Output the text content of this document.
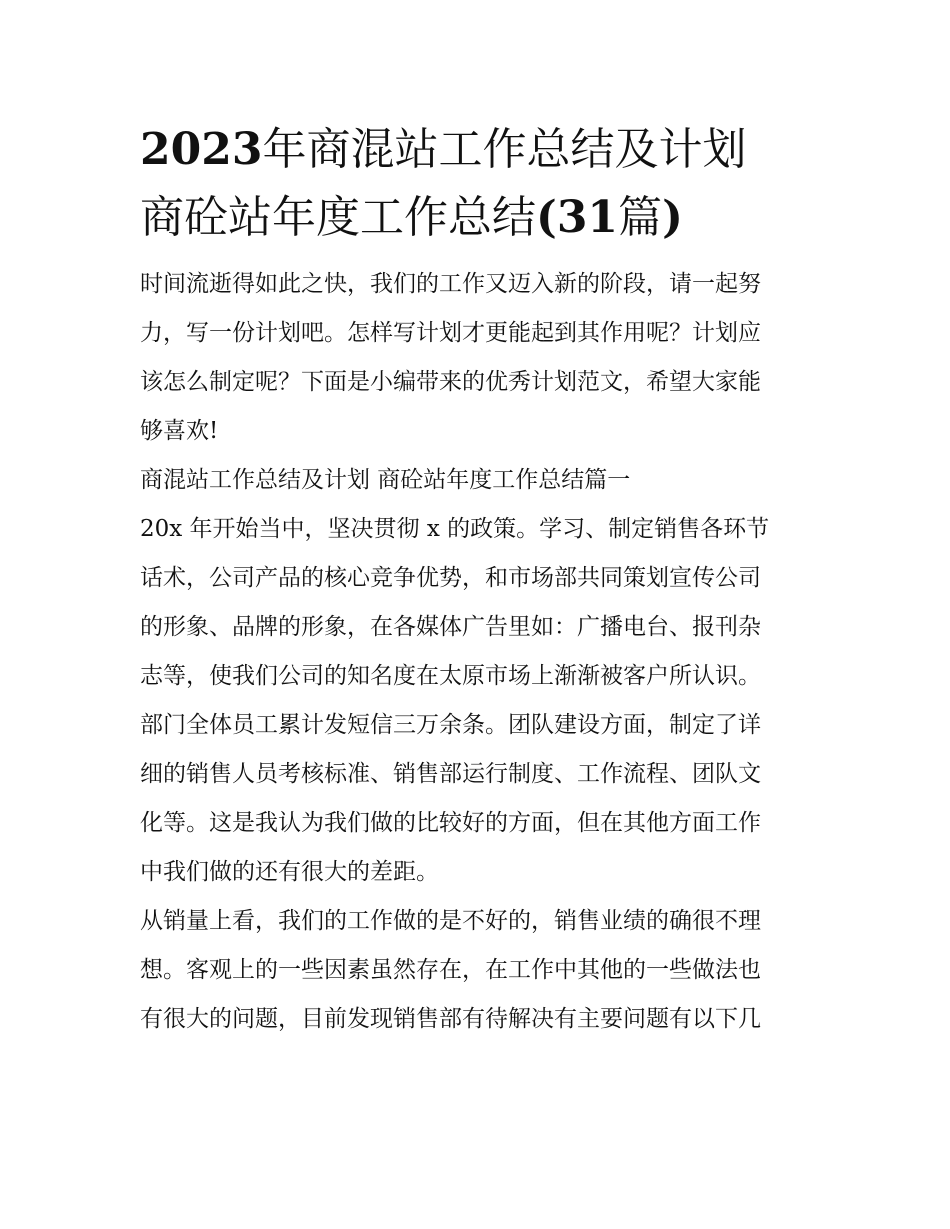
2023年商混站工作总结及计划
商砼站年度工作总结(31篇)

时间流逝得如此之快，我们的工作又迈入新的阶段，请一起努
力，写一份计划吧。怎样写计划才更能起到其作用呢？计划应
该怎么制定呢？下面是小编带来的优秀计划范文，希望大家能
够喜欢!

商混站工作总结及计划 商砼站年度工作总结篇一

20x 年开始当中，坚决贯彻 x 的政策。学习、制定销售各环节
话术，公司产品的核心竞争优势，和市场部共同策划宣传公司
的形象、品牌的形象，在各媒体广告里如：广播电台、报刊杂
志等，使我们公司的知名度在太原市场上渐渐被客户所认识。
部门全体员工累计发短信三万余条。团队建设方面，制定了详
细的销售人员考核标准、销售部运行制度、工作流程、团队文
化等。这是我认为我们做的比较好的方面，但在其他方面工作
中我们做的还有很大的差距。

从销量上看，我们的工作做的是不好的，销售业绩的确很不理
想。客观上的一些因素虽然存在，在工作中其他的一些做法也
有很大的问题，目前发现销售部有待解决有主要问题有以下几
